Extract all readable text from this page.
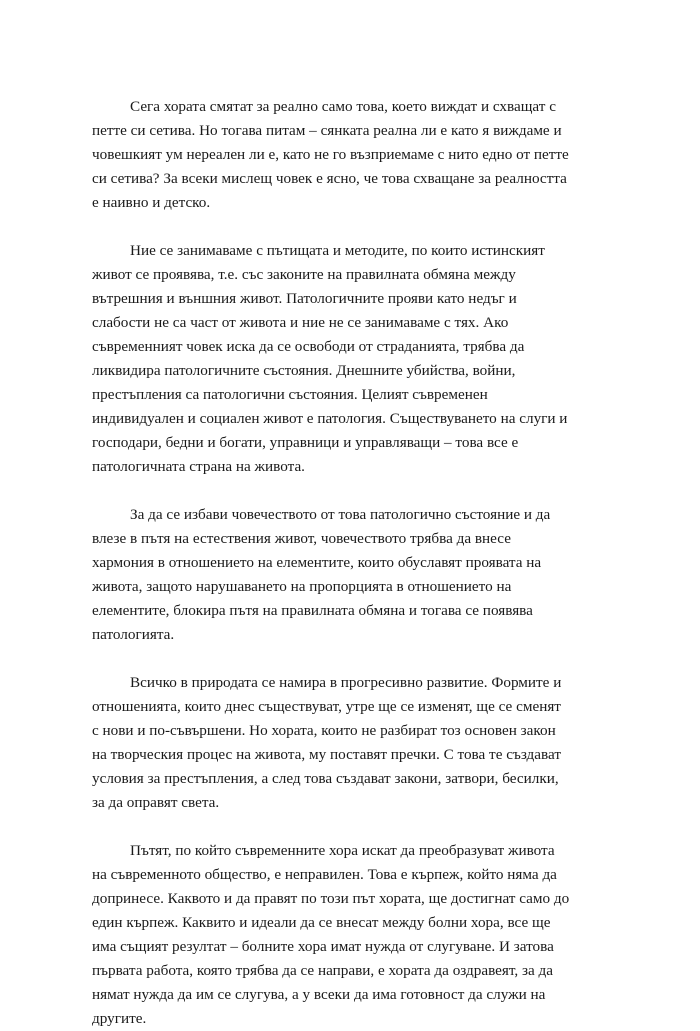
Сега хората смятат за реално само това, което виждат и схващат с
петте си сетива. Но тогава питам – сянката реална ли е като я виждаме и
човешкият ум нереален ли е, като не го възприемаме с нито едно от петте
си сетива? За всеки мислещ човек е ясно, че това схващане за реалността
е наивно и детско.
Ние се занимаваме с пътищата и методите, по които истинският
живот се проявява, т.е. със законите на правилната обмяна между
вътрешния и външния живот. Патологичните прояви като недъг и
слабости не са част от живота и ние не се занимаваме с тях. Ако
съвременният човек иска да се освободи от страданията, трябва да
ликвидира патологичните състояния. Днешните убийства, войни,
престъпления са патологични състояния. Целият съвременен
индивидуален и социален живот е патология. Съществуването на слуги и
господари, бедни и богати, управници и управляващи – това все е
патологичната страна на живота.
За да се избави човечеството от това патологично състояние и да
влезе в пътя на естествения живот, човечеството трябва да внесе
хармония в отношението на елементите, които обуславят проявата на
живота, защото нарушаването на пропорцията в отношението на
елементите, блокира пътя на правилната обмяна и тогава се появява
патологията.
Всичко в природата се намира в прогресивно развитие. Формите и
отношенията, които днес съществуват, утре ще се изменят, ще се сменят
с нови и по-съвършени. Но хората, които не разбират тоз основен закон
на творческия процес на живота, му поставят пречки. С това те създават
условия за престъпления, а след това създават закони, затвори, бесилки,
за да оправят света.
Пътят, по който съвременните хора искат да преобразуват живота
на съвременното общество, е неправилен. Това е кърпеж, който няма да
допринесе. Каквото и да правят по този път хората, ще достигнат само до
един кърпеж. Каквито и идеали да се внесат между болни хора, все ще
има същият резултат – болните хора имат нужда от слугуване. И затова
първата работа, която трябва да се направи, е хората да оздравеят, за да
нямат нужда да им се слугува, а у всеки да има готовност да служи на
другите.
